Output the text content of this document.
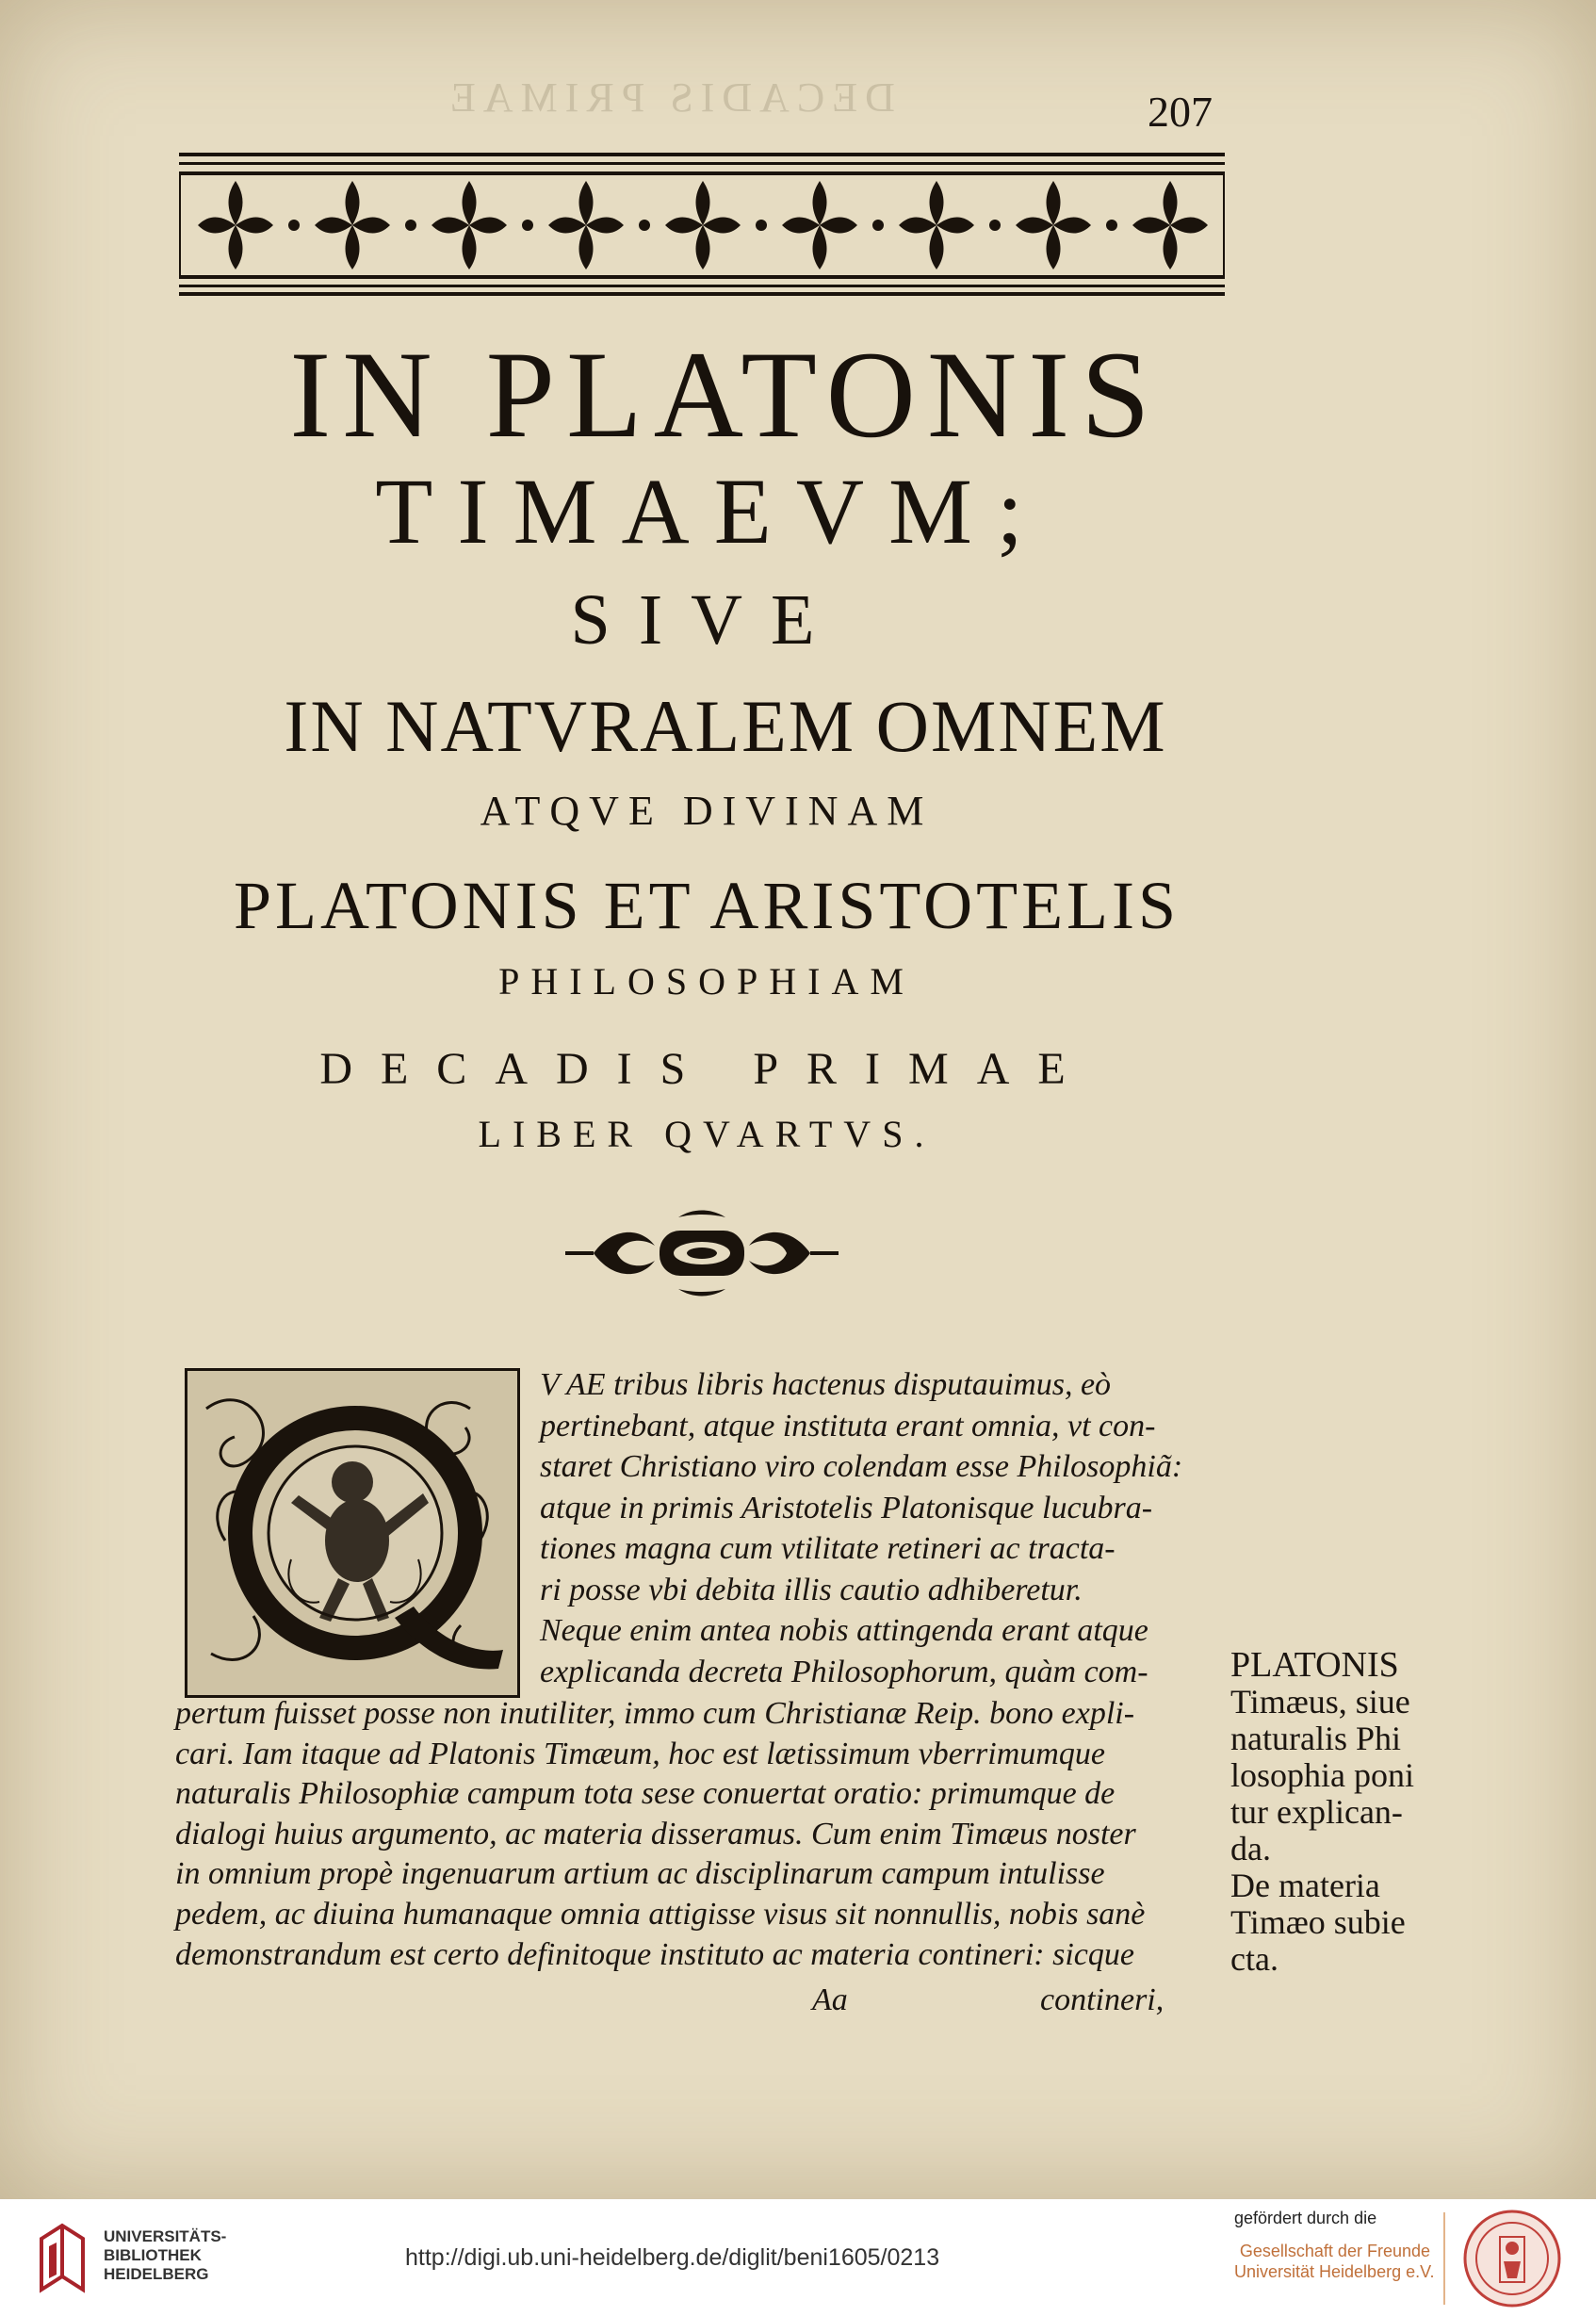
DECADIS PRIMAE	207
IN PLATONIS
TIMAEVM;
SIVE
IN NATVRALEM OMNEM
ATQVE DIVINAM
PLATONIS ET ARISTOTELIS
PHILOSOPHIAM
DECADIS PRIMAE
LIBER QVARTVS.
V AE tribus libris hactenus disputauimus, eò
pertinebant, atque instituta erant omnia, vt con-
staret Christiano viro colendam esse Philosophiã:
atque in primis Aristotelis Platonisque lucubra-
tiones magna cum vtilitate retineri ac tracta-
ri posse vbi debita illis cautio adhiberetur.
Neque enim antea nobis attingenda erant atque
explicanda decreta Philosophorum, quàm com-
pertum fuisset posse non inutiliter, immo cum Christianæ Reip. bono expli-
cari. Iam itaque ad Platonis Timæum, hoc est lætissimum vberrimumque
naturalis Philosophiæ campum tota sese conuertat oratio: primumque de
dialogi huius argumento, ac materia disseramus. Cum enim Timæus noster
in omnium propè ingenuarum artium ac disciplinarum campum intulisse
pedem, ac diuina humanaque omnia attigisse visus sit nonnullis, nobis sanè
demonstrandum est certo definitoque instituto ac materia contineri: sicque
Aa	contineri,
PLATONIS
Timæus, siue
naturalis Phi
losophia poni
tur explican-
da.
De materia
Timæo subie
cta.
UNIVERSITÄTS-
BIBLIOTHEK
HEIDELBERG
http://digi.ub.uni-heidelberg.de/diglit/beni1605/0213
gefördert durch die
Gesellschaft der Freunde
Universität Heidelberg e.V.
